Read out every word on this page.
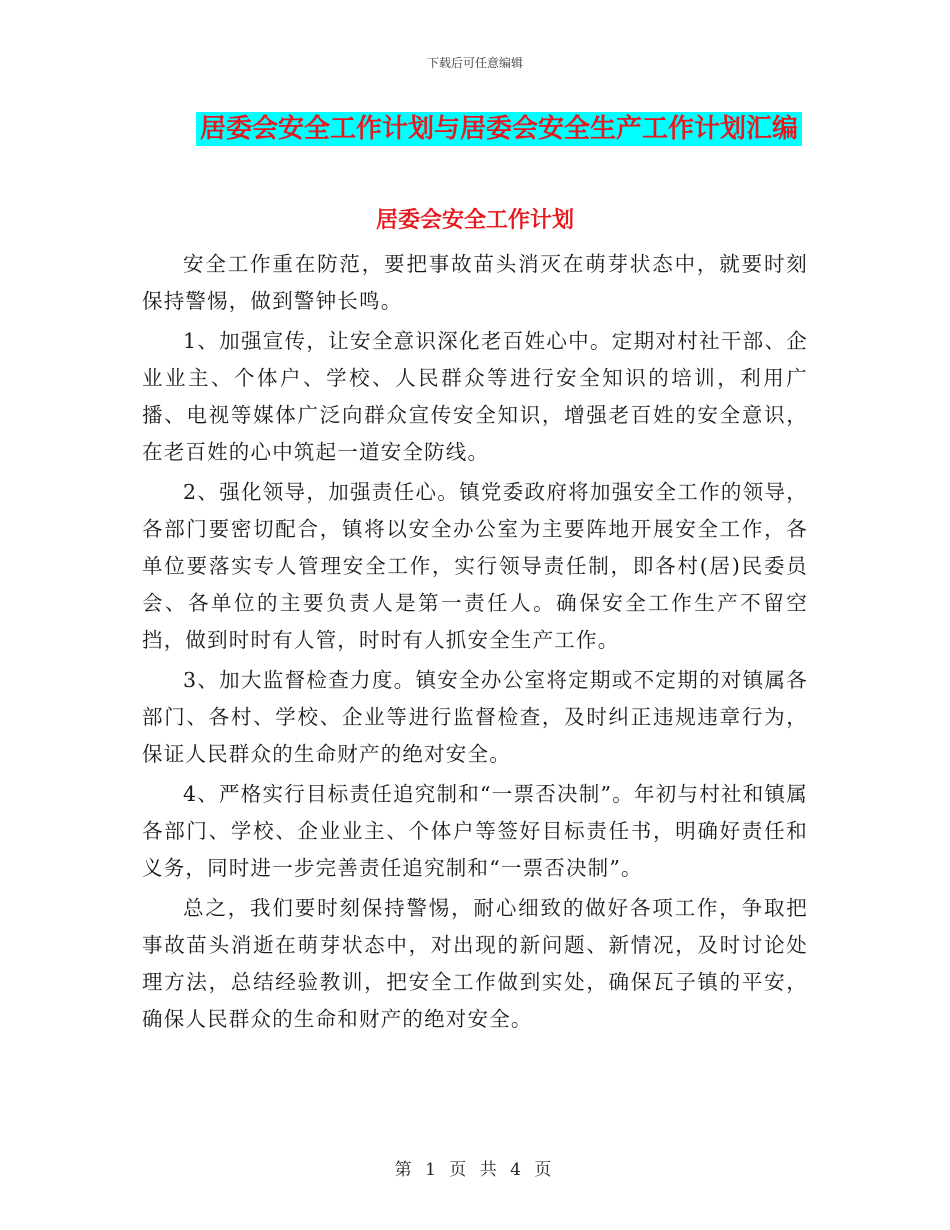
下载后可任意编辑
居委会安全工作计划与居委会安全生产工作计划汇编
居委会安全工作计划

安全工作重在防范，要把事故苗头消灭在萌芽状态中，就要时刻保持警惕，做到警钟长鸣。

1、加强宣传，让安全意识深化老百姓心中。定期对村社干部、企业业主、个体户、学校、人民群众等进行安全知识的培训，利用广播、电视等媒体广泛向群众宣传安全知识，增强老百姓的安全意识，在老百姓的心中筑起一道安全防线。

2、强化领导，加强责任心。镇党委政府将加强安全工作的领导，各部门要密切配合，镇将以安全办公室为主要阵地开展安全工作，各单位要落实专人管理安全工作，实行领导责任制，即各村(居)民委员会、各单位的主要负责人是第一责任人。确保安全工作生产不留空挡，做到时时有人管，时时有人抓安全生产工作。

3、加大监督检查力度。镇安全办公室将定期或不定期的对镇属各部门、各村、学校、企业等进行监督检查，及时纠正违规违章行为，保证人民群众的生命财产的绝对安全。

4、严格实行目标责任追究制和“一票否决制”。年初与村社和镇属各部门、学校、企业业主、个体户等签好目标责任书，明确好责任和义务，同时进一步完善责任追究制和“一票否决制”。

总之，我们要时刻保持警惕，耐心细致的做好各项工作，争取把事故苗头消逝在萌芽状态中，对出现的新问题、新情况，及时讨论处理方法，总结经验教训，把安全工作做到实处，确保瓦子镇的平安，确保人民群众的生命和财产的绝对安全。

第 1 页 共 4 页
